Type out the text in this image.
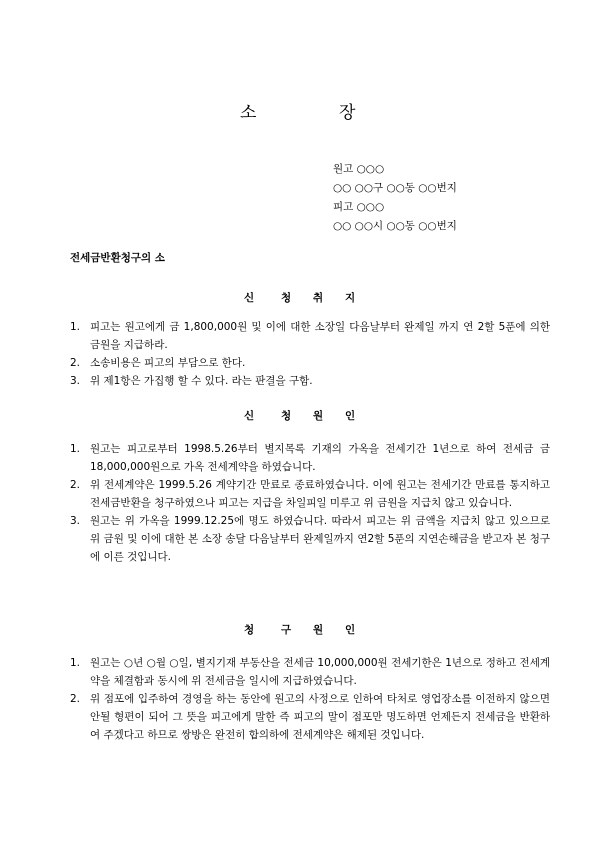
소	장
원고 ○○○
○○ ○○구 ○○동 ○○번지
피고 ○○○
○○ ○○시 ○○동 ○○번지
전세금반환청구의 소
신	청 취 지
1. 피고는 원고에게 금 1,800,000원 및 이에 대한 소장일 다음날부터 완제일 까지 연 2할 5푼에 의한 금원을 지급하라.
2. 소송비용은 피고의 부담으로 한다.
3. 위 제1항은 가집행 할 수 있다. 라는 판결을 구함.
신	청 원 인
1. 원고는 피고로부터 1998.5.26부터 별지목록 기재의 가옥을 전세기간 1년으로 하여 전세금 금 18,000,000원으로 가옥 전세계약을 하였습니다.
2. 위 전세계약은 1999.5.26 계약기간 만료로 종료하였습니다. 이에 원고는 전세기간 만료를 통지하고 전세금반환을 청구하였으나 피고는 지급을 차일피일 미루고 위 금원을 지급치 않고 있습니다.
3. 원고는 위 가옥을 1999.12.25에 명도 하였습니다. 따라서 피고는 위 금액을 지급치 않고 있으므로 위 금원 및 이에 대한 본 소장 송달 다음날부터 완제일까지 연2할 5푼의 지연손해금을 받고자 본 청구에 이른 것입니다.
청	구 원 인
1. 원고는 ○년 ○월 ○일, 별지기재 부동산을 전세금 10,000,000원 전세기한은 1년으로 정하고 전세계약을 체결함과 동시에 위 전세금을 일시에 지급하였습니다.
2. 위 점포에 입주하여 경영을 하는 동안에 원고의 사정으로 인하여 타처로 영업장소를 이전하지 않으면 안될 형편이 되어 그 뜻을 피고에게 말한 즉 피고의 말이 점포만 명도하면 언제든지 전세금을 반환하여 주겠다고 하므로 쌍방은 완전히 합의하에 전세계약은 해제된 것입니다.
